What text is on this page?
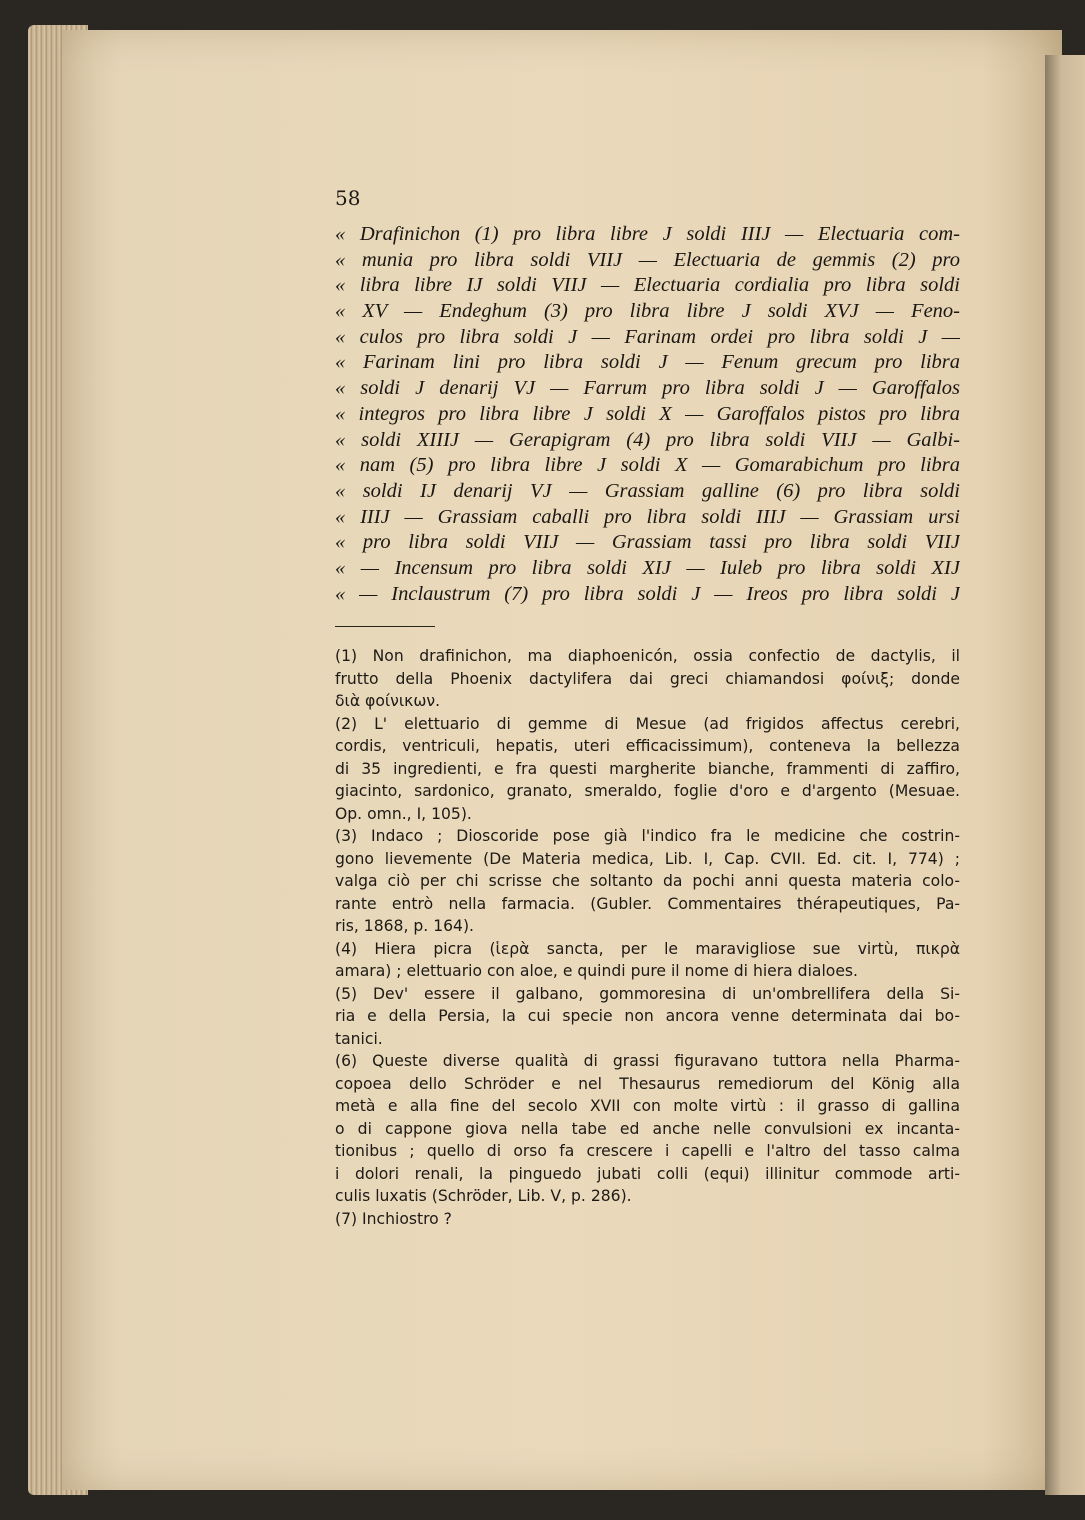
58
« Drafinichon (1) pro libra libre J soldi IIIJ — Electuaria com-
« munia pro libra soldi VIIJ — Electuaria de gemmis (2) pro
« libra libre IJ soldi VIIJ — Electuaria cordialia pro libra soldi
« XV — Endeghum (3) pro libra libre J soldi XVJ — Feno-
« culos pro libra soldi J — Farinam ordei pro libra soldi J —
« Farinam lini pro libra soldi J — Fenum grecum pro libra
« soldi J denarij VJ — Farrum pro libra soldi J — Garoffalos
« integros pro libra libre J soldi X — Garoffalos pistos pro libra
« soldi XIIIJ — Gerapigram (4) pro libra soldi VIIJ — Galbi-
« nam (5) pro libra libre J soldi X — Gomarabichum pro libra
« soldi IJ denarij VJ — Grassiam galline (6) pro libra soldi
« IIIJ — Grassiam caballi pro libra soldi IIIJ — Grassiam ursi
« pro libra soldi VIIJ — Grassiam tassi pro libra soldi VIIJ
« — Incensum pro libra soldi XIJ — Iuleb pro libra soldi XIJ
« — Inclaustrum (7) pro libra soldi J — Ireos pro libra soldi J
(1) Non drafinichon, ma diaphoenicón, ossia confectio de dactylis, il
frutto della Phoenix dactylifera dai greci chiamandosi φοίνιξ; donde
διὰ φοίνικων.
(2) L' elettuario di gemme di Mesue (ad frigidos affectus cerebri,
cordis, ventriculi, hepatis, uteri efficacissimum), conteneva la bellezza
di 35 ingredienti, e fra questi margherite bianche, frammenti di zaffiro,
giacinto, sardonico, granato, smeraldo, foglie d'oro e d'argento (Mesuae.
Op. omn., I, 105).
(3) Indaco ; Dioscoride pose già l'indico fra le medicine che costrin-
gono lievemente (De Materia medica, Lib. I, Cap. CVII. Ed. cit. I, 774) ;
valga ciò per chi scrisse che soltanto da pochi anni questa materia colo-
rante entrò nella farmacia. (Gubler. Commentaires thérapeutiques, Pa-
ris, 1868, p. 164).
(4) Hiera picra (ἱερὰ sancta, per le maravigliose sue virtù, πικρὰ
amara) ; elettuario con aloe, e quindi pure il nome di hiera dialoes.
(5) Dev' essere il galbano, gommoresina di un'ombrellifera della Si-
ria e della Persia, la cui specie non ancora venne determinata dai bo-
tanici.
(6) Queste diverse qualità di grassi figuravano tuttora nella Pharma-
copoea dello Schröder e nel Thesaurus remediorum del König alla
metà e alla fine del secolo XVII con molte virtù : il grasso di gallina
o di cappone giova nella tabe ed anche nelle convulsioni ex incanta-
tionibus ; quello di orso fa crescere i capelli e l'altro del tasso calma
i dolori renali, la pinguedo jubati colli (equi) illinitur commode arti-
culis luxatis (Schröder, Lib. V, p. 286).
(7) Inchiostro ?
